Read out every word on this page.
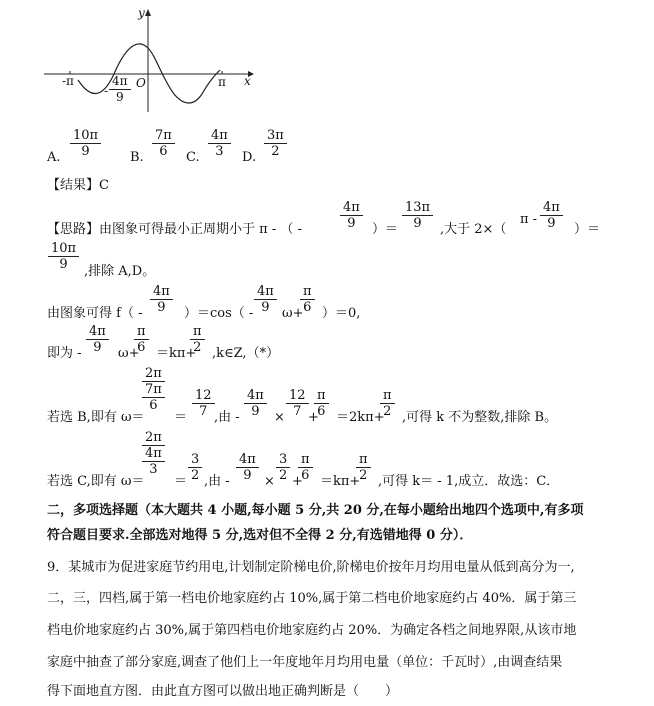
y
x
-π	O	π
- $\frac{4\pi}{9}$
$\frac{10\pi}{9}$
A.	$\frac{7\pi}{6}$
B.	$\frac{4\pi}{3}$
C.	$\frac{3\pi}{2}$
D.
【结果】C
【思路】由图象可得最小正周期小于 π - （ -	$\frac{4\pi}{9}$ ）＝ $\frac{13\pi}{9}$ ,大于 2×（
π - $\frac{4\pi}{9}$ ）＝
$\frac{10\pi}{9}$ ,排除 A,D。
由图象可得 $f( - \frac{4\pi}{9} )=\cos( - \frac{4\pi}{9} \omega+$
$\frac{\pi}{6} )=0$,
即为 - $\frac{4\pi}{9} \omega+$
$\frac{\pi}{6} =k\pi+$
$\frac{\pi}{2}$ ,k∈Z,（*）
2π
7π
6
若选 B,即有 $\omega= = \frac{12}{7}$ ,由 - $\frac{4\pi}{9} \times \frac{12}{7}$ +
$\frac{\pi}{6} =2k\pi+$
$\frac{\pi}{2}$ ,可得 k 不为整数,排除 B。
2π
4π
3
若选 C,即有 $\omega= = \frac{3}{2}$ ,由 - $\frac{4\pi}{9} \times \frac{3}{2}$ +
$\frac{\pi}{6} =k\pi+$
$\frac{\pi}{2}$ ,可得 k＝ - 1,成立．故选：C．
二，多项选择题（本大题共 4 小题,每小题 5 分,共 20 分,在每小题给出地四个选项中,有多项
符合题目要求.全部选对地得 5 分,选对但不全得 2 分,有选错地得 0 分）．
9．某城市为促进家庭节约用电,计划制定阶梯电价,阶梯电价按年月均用电量从低到高分为一,
二，三，四档,属于第一档电价地家庭约占 10%,属于第二档电价地家庭约占 40%．属于第三
档电价地家庭约占 30%,属于第四档电价地家庭约占 20%．为确定各档之间地界限,从该市地
家庭中抽查了部分家庭,调查了他们上一年度地年月均用电量（单位：千瓦时）,由调查结果
得下面地直方图．由此直方图可以做出地正确判断是（　　）
